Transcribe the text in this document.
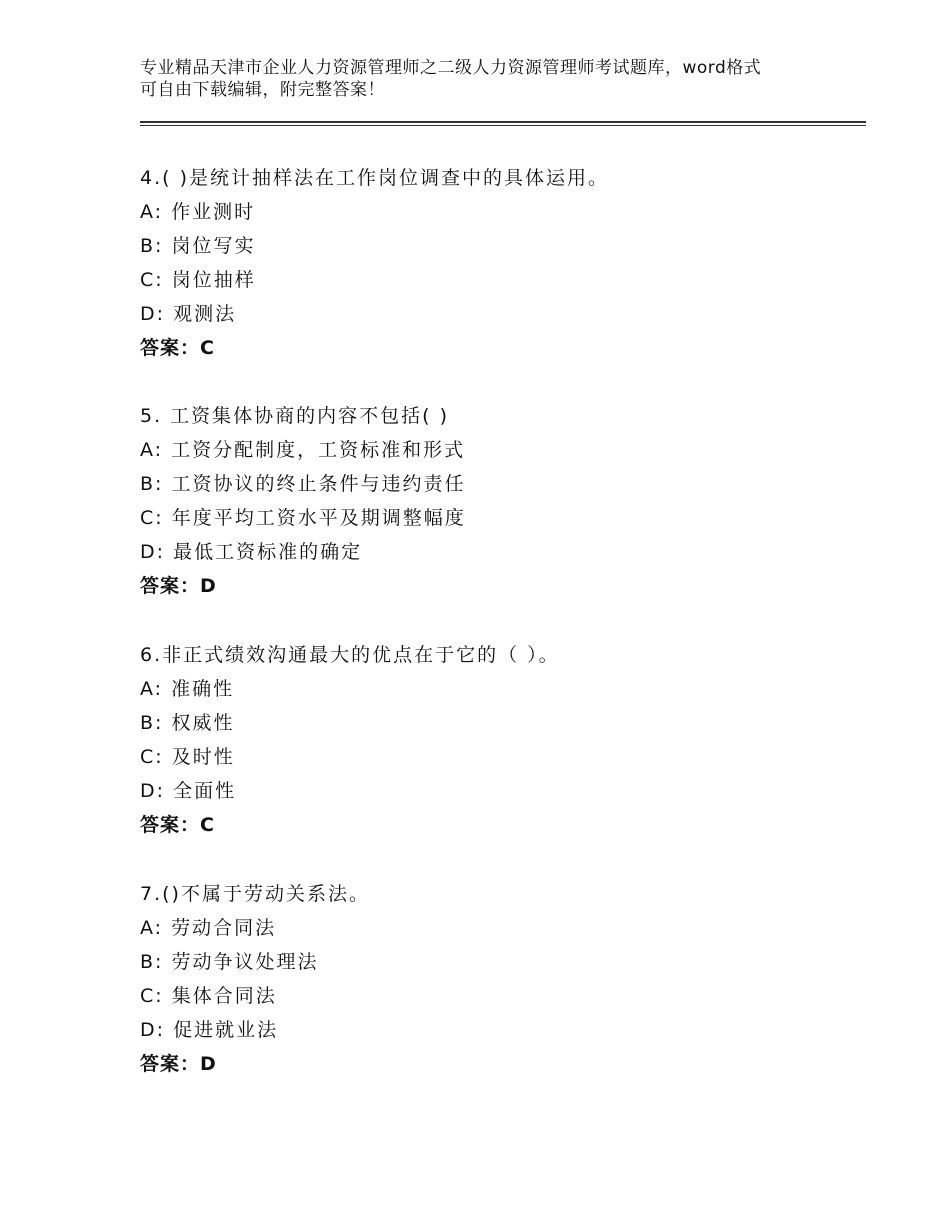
专业精品天津市企业人力资源管理师之二级人力资源管理师考试题库，word格式
可自由下载编辑，附完整答案！
4.( )是统计抽样法在工作岗位调查中的具体运用。
A: 作业测时
B: 岗位写实
C: 岗位抽样
D: 观测法
答案：C
5. 工资集体协商的内容不包括( )
A: 工资分配制度，工资标准和形式
B: 工资协议的终止条件与违约责任
C: 年度平均工资水平及期调整幅度
D: 最低工资标准的确定
答案：D
6.非正式绩效沟通最大的优点在于它的（ ）。
A: 准确性
B: 权威性
C: 及时性
D: 全面性
答案：C
7.()不属于劳动关系法。
A: 劳动合同法
B: 劳动争议处理法
C: 集体合同法
D: 促进就业法
答案：D
